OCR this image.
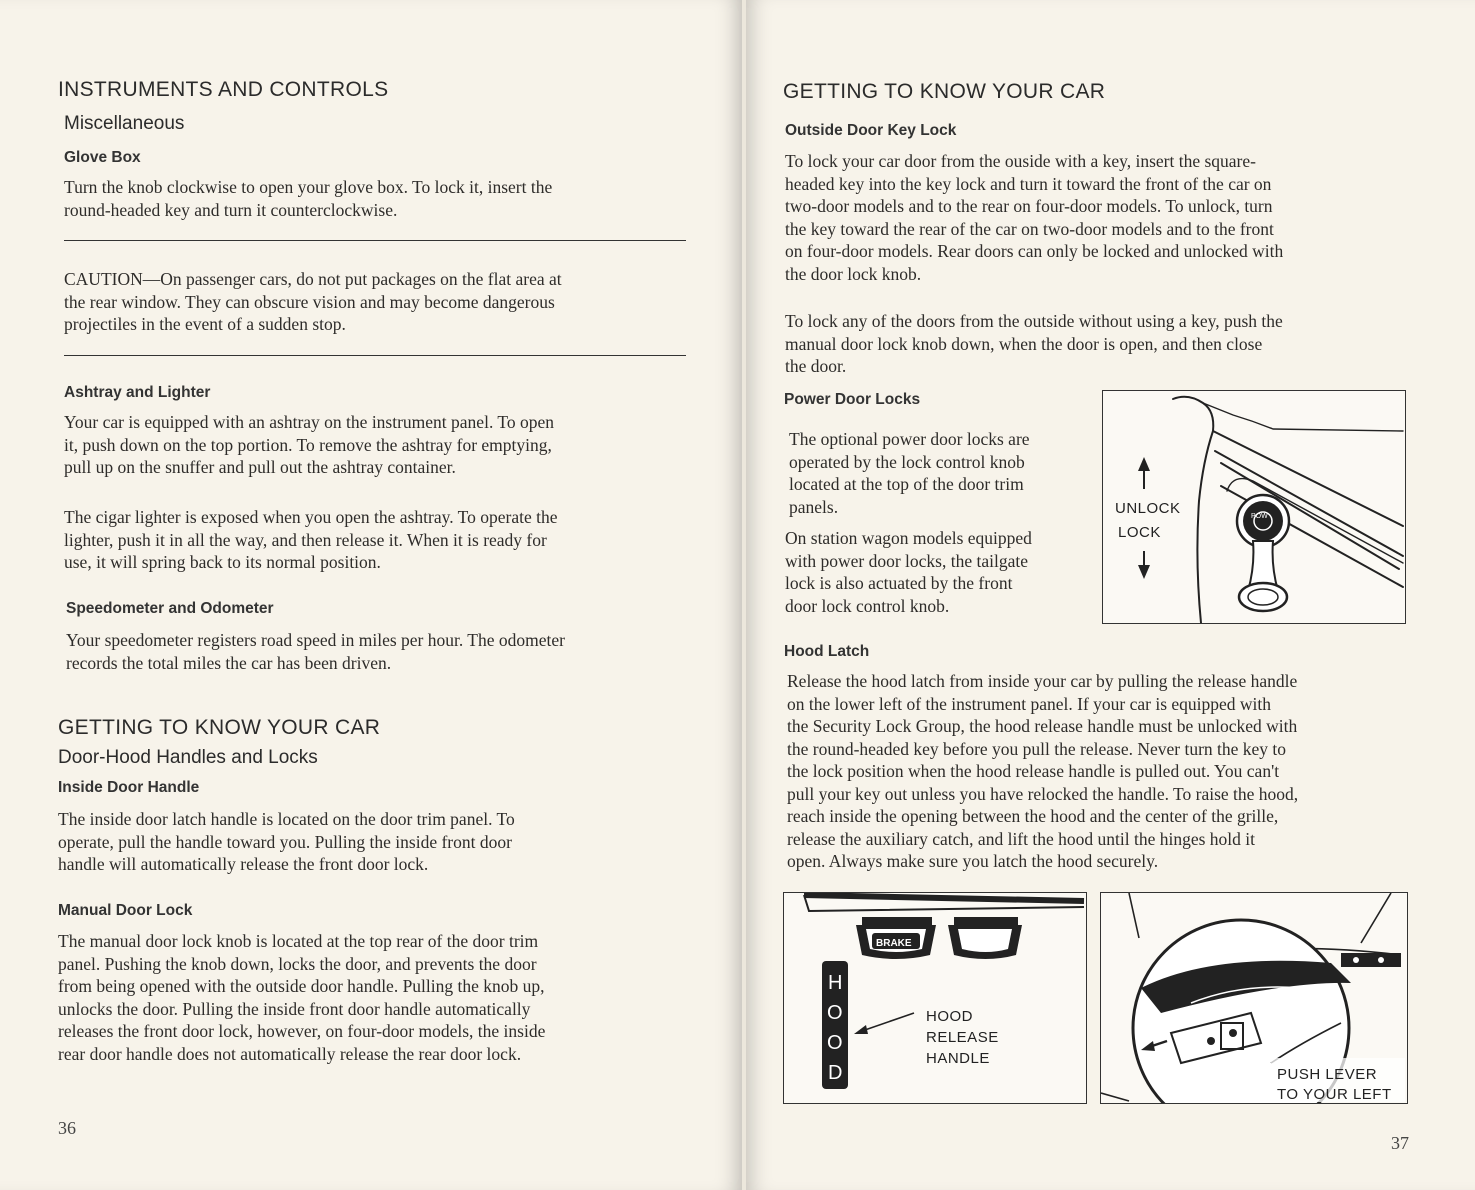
INSTRUMENTS AND CONTROLS
Miscellaneous
Glove Box
Turn the knob clockwise to open your glove box. To lock it, insert the
round-headed key and turn it counterclockwise.
CAUTION—On passenger cars, do not put packages on the flat area at
the rear window. They can obscure vision and may become dangerous
projectiles in the event of a sudden stop.
Ashtray and Lighter
Your car is equipped with an ashtray on the instrument panel. To open
it, push down on the top portion. To remove the ashtray for emptying,
pull up on the snuffer and pull out the ashtray container.
The cigar lighter is exposed when you open the ashtray. To operate the
lighter, push it in all the way, and then release it. When it is ready for
use, it will spring back to its normal position.
Speedometer and Odometer
Your speedometer registers road speed in miles per hour. The odometer
records the total miles the car has been driven.
GETTING TO KNOW YOUR CAR
Door-Hood Handles and Locks
Inside Door Handle
The inside door latch handle is located on the door trim panel. To
operate, pull the handle toward you. Pulling the inside front door
handle will automatically release the front door lock.
Manual Door Lock
The manual door lock knob is located at the top rear of the door trim
panel. Pushing the knob down, locks the door, and prevents the door
from being opened with the outside door handle. Pulling the knob up,
unlocks the door. Pulling the inside front door handle automatically
releases the front door lock, however, on four-door models, the inside
rear door handle does not automatically release the rear door lock.
36
GETTING TO KNOW YOUR CAR
Outside Door Key Lock
To lock your car door from the ouside with a key, insert the square-
headed key into the key lock and turn it toward the front of the car on
two-door models and to the rear on four-door models. To unlock, turn
the key toward the rear of the car on two-door models and to the front
on four-door models. Rear doors can only be locked and unlocked with
the door lock knob.
To lock any of the doors from the outside without using a key, push the
manual door lock knob down, when the door is open, and then close
the door.
Power Door Locks
The optional power door locks are
operated by the lock control knob
located at the top of the door trim
panels.
On station wagon models equipped
with power door locks, the tailgate
lock is also actuated by the front
door lock control knob.
POW
UNLOCK
LOCK
Hood Latch
Release the hood latch from inside your car by pulling the release handle
on the lower left of the instrument panel. If your car is equipped with
the Security Lock Group, the hood release handle must be unlocked with
the round-headed key before you pull the release. Never turn the key to
the lock position when the hood release handle is pulled out. You can't
pull your key out unless you have relocked the handle. To raise the hood,
reach inside the opening between the hood and the center of the grille,
release the auxiliary catch, and lift the hood until the hinges hold it
open. Always make sure you latch the hood securely.
BRAKE
H
O
O
D
HOOD
RELEASE
HANDLE
PUSH LEVER
TO YOUR LEFT
37
